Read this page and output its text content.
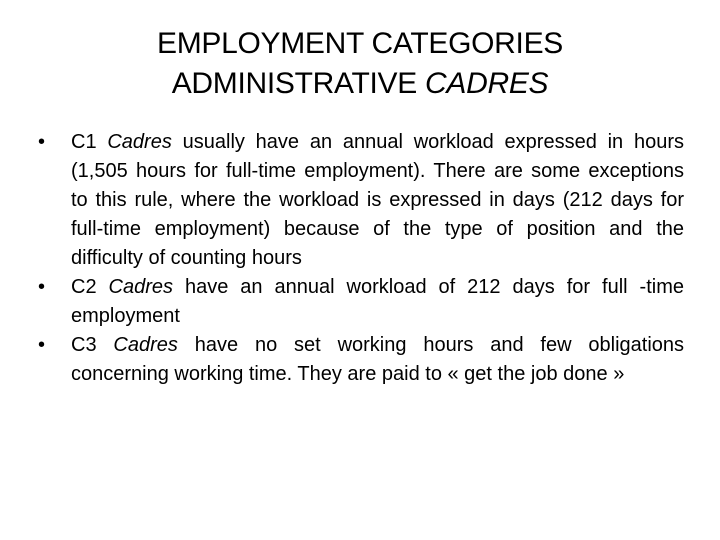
EMPLOYMENT CATEGORIES
ADMINISTRATIVE CADRES
•	C1 Cadres usually have an annual workload expressed in hours (1,505 hours for full-time employment). There are some exceptions to this rule, where the workload is expressed in days (212 days for full-time employment) because of the type of position and the difficulty of counting hours
•	C2 Cadres have an annual workload of 212 days for full -time employment
•	C3 Cadres have no set working hours and few obligations concerning working time. They are paid to « get the job done »
